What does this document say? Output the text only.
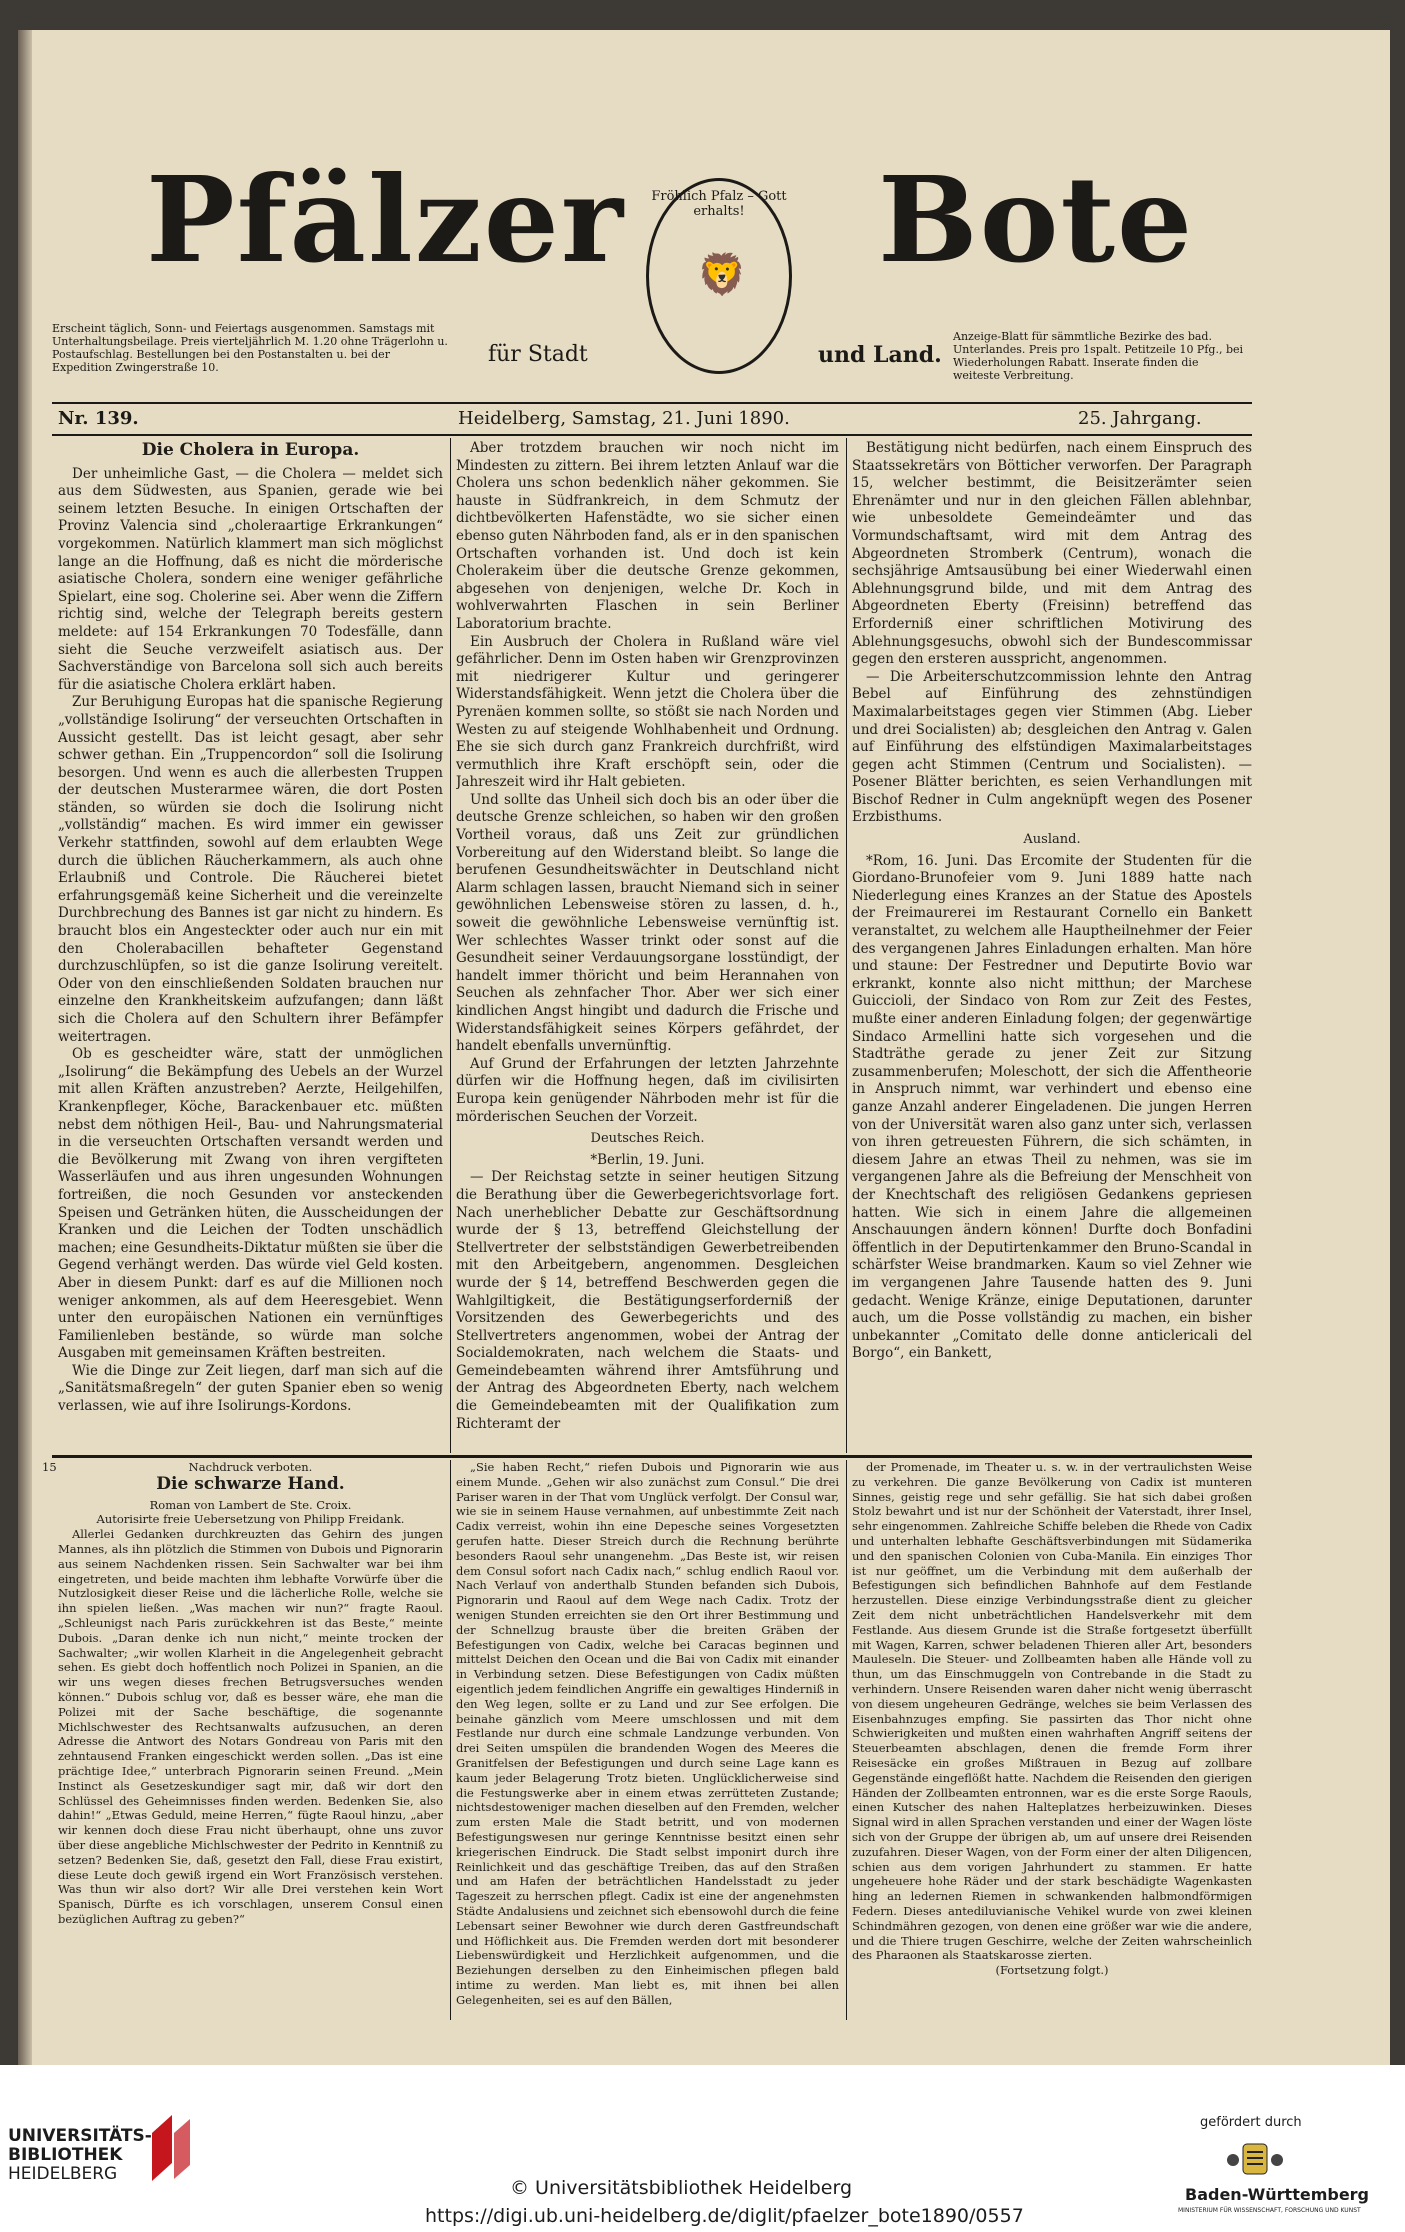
Pfälzer Bote
Fröhlich Pfalz – Gott erhalts!
🦁
Erscheint täglich, Sonn- und Feiertags ausgenommen. Samstags mit Unterhaltungsbeilage. Preis vierteljährlich M. 1.20 ohne Trägerlohn u. Postaufschlag. Bestellungen bei den Postanstalten u. bei der Expedition Zwingerstraße 10.
für Stadt	und Land.
Anzeige-Blatt für sämmtliche Bezirke des bad. Unterlandes. Preis pro 1spalt. Petitzeile 10 Pfg., bei Wiederholungen Rabatt. Inserate finden die weiteste Verbreitung.
Nr. 139.	Heidelberg, Samstag, 21. Juni 1890.	25. Jahrgang.
Die Cholera in Europa.

Der unheimliche Gast, — die Cholera — meldet sich aus dem Südwesten, aus Spanien, gerade wie bei seinem letzten Besuche. In einigen Ortschaften der Provinz Valencia sind „choleraartige Erkrankungen“ vorgekommen. Natürlich klammert man sich möglichst lange an die Hoffnung, daß es nicht die mörderische asiatische Cholera, sondern eine weniger gefährliche Spielart, eine sog. Cholerine sei. Aber wenn die Ziffern richtig sind, welche der Telegraph bereits gestern meldete: auf 154 Erkrankungen 70 Todesfälle, dann sieht die Seuche verzweifelt asiatisch aus. Der Sachverständige von Barcelona soll sich auch bereits für die asiatische Cholera erklärt haben.

Zur Beruhigung Europas hat die spanische Regierung „vollständige Isolirung“ der verseuchten Ortschaften in Aussicht gestellt. Das ist leicht gesagt, aber sehr schwer gethan. Ein „Truppencordon“ soll die Isolirung besorgen. Und wenn es auch die allerbesten Truppen der deutschen Musterarmee wären, die dort Posten ständen, so würden sie doch die Isolirung nicht „vollständig“ machen. Es wird immer ein gewisser Verkehr stattfinden, sowohl auf dem erlaubten Wege durch die üblichen Räucherkammern, als auch ohne Erlaubniß und Controle. Die Räucherei bietet erfahrungsgemäß keine Sicherheit und die vereinzelte Durchbrechung des Bannes ist gar nicht zu hindern. Es braucht blos ein Angesteckter oder auch nur ein mit den Cholerabacillen behafteter Gegenstand durchzuschlüpfen, so ist die ganze Isolirung vereitelt. Oder von den einschließenden Soldaten brauchen nur einzelne den Krankheitskeim aufzufangen; dann läßt sich die Cholera auf den Schultern ihrer Befämpfer weitertragen.

Ob es gescheidter wäre, statt der unmöglichen „Isolirung“ die Bekämpfung des Uebels an der Wurzel mit allen Kräften anzustreben? Aerzte, Heilgehilfen, Krankenpfleger, Köche, Barackenbauer etc. müßten nebst dem nöthigen Heil-, Bau- und Nahrungsmaterial in die verseuchten Ortschaften versandt werden und die Bevölkerung mit Zwang von ihren vergifteten Wasserläufen und aus ihren ungesunden Wohnungen fortreißen, die noch Gesunden vor ansteckenden Speisen und Getränken hüten, die Ausscheidungen der Kranken und die Leichen der Todten unschädlich machen; eine Gesundheits-Diktatur müßten sie über die Gegend verhängt werden. Das würde viel Geld kosten. Aber in diesem Punkt: darf es auf die Millionen noch weniger ankommen, als auf dem Heeresgebiet. Wenn unter den europäischen Nationen ein vernünftiges Familienleben bestände, so würde man solche Ausgaben mit gemeinsamen Kräften bestreiten.

Wie die Dinge zur Zeit liegen, darf man sich auf die „Sanitätsmaßregeln“ der guten Spanier eben so wenig verlassen, wie auf ihre Isolirungs-Kordons.

Aber trotzdem brauchen wir noch nicht im Mindesten zu zittern. Bei ihrem letzten Anlauf war die Cholera uns schon bedenklich näher gekommen. Sie hauste in Südfrankreich, in dem Schmutz der dichtbevölkerten Hafenstädte, wo sie sicher einen ebenso guten Nährboden fand, als er in den spanischen Ortschaften vorhanden ist. Und doch ist kein Cholerakeim über die deutsche Grenze gekommen, abgesehen von denjenigen, welche Dr. Koch in wohlverwahrten Flaschen in sein Berliner Laboratorium brachte.

Ein Ausbruch der Cholera in Rußland wäre viel gefährlicher. Denn im Osten haben wir Grenzprovinzen mit niedrigerer Kultur und geringerer Widerstandsfähigkeit. Wenn jetzt die Cholera über die Pyrenäen kommen sollte, so stößt sie nach Norden und Westen zu auf steigende Wohlhabenheit und Ordnung. Ehe sie sich durch ganz Frankreich durchfrißt, wird vermuthlich ihre Kraft erschöpft sein, oder die Jahreszeit wird ihr Halt gebieten.

Und sollte das Unheil sich doch bis an oder über die deutsche Grenze schleichen, so haben wir den großen Vortheil voraus, daß uns Zeit zur gründlichen Vorbereitung auf den Widerstand bleibt. So lange die berufenen Gesundheitswächter in Deutschland nicht Alarm schlagen lassen, braucht Niemand sich in seiner gewöhnlichen Lebensweise stören zu lassen, d. h., soweit die gewöhnliche Lebensweise vernünftig ist. Wer schlechtes Wasser trinkt oder sonst auf die Gesundheit seiner Verdauungsorgane losstündigt, der handelt immer thöricht und beim Herannahen von Seuchen als zehnfacher Thor. Aber wer sich einer kindlichen Angst hingibt und dadurch die Frische und Widerstandsfähigkeit seines Körpers gefährdet, der handelt ebenfalls unvernünftig.

Auf Grund der Erfahrungen der letzten Jahrzehnte dürfen wir die Hoffnung hegen, daß im civilisirten Europa kein genügender Nährboden mehr ist für die mörderischen Seuchen der Vorzeit.

Deutsches Reich.

*Berlin, 19. Juni.

— Der Reichstag setzte in seiner heutigen Sitzung die Berathung über die Gewerbegerichtsvorlage fort. Nach unerheblicher Debatte zur Geschäftsordnung wurde der § 13, betreffend Gleichstellung der Stellvertreter der selbstständigen Gewerbetreibenden mit den Arbeitgebern, angenommen. Desgleichen wurde der § 14, betreffend Beschwerden gegen die Wahlgiltigkeit, die Bestätigungserforderniß der Vorsitzenden des Gewerbegerichts und des Stellvertreters angenommen, wobei der Antrag der Socialdemokraten, nach welchem die Staats- und Gemeindebeamten während ihrer Amtsführung und der Antrag des Abgeordneten Eberty, nach welchem die Gemeindebeamten mit der Qualifikation zum Richteramt der

Bestätigung nicht bedürfen, nach einem Einspruch des Staatssekretärs von Bötticher verworfen. Der Paragraph 15, welcher bestimmt, die Beisitzerämter seien Ehrenämter und nur in den gleichen Fällen ablehnbar, wie unbesoldete Gemeindeämter und das Vormundschaftsamt, wird mit dem Antrag des Abgeordneten Stromberk (Centrum), wonach die sechsjährige Amtsausübung bei einer Wiederwahl einen Ablehnungsgrund bilde, und mit dem Antrag des Abgeordneten Eberty (Freisinn) betreffend das Erforderniß einer schriftlichen Motivirung des Ablehnungsgesuchs, obwohl sich der Bundescommissar gegen den ersteren ausspricht, angenommen.

— Die Arbeiterschutzcommission lehnte den Antrag Bebel auf Einführung des zehnstündigen Maximalarbeitstages gegen vier Stimmen (Abg. Lieber und drei Socialisten) ab; desgleichen den Antrag v. Galen auf Einführung des elfstündigen Maximalarbeitstages gegen acht Stimmen (Centrum und Socialisten). — Posener Blätter berichten, es seien Verhandlungen mit Bischof Redner in Culm angeknüpft wegen des Posener Erzbisthums.

Ausland.

*Rom, 16. Juni. Das Ercomite der Studenten für die Giordano-Brunofeier vom 9. Juni 1889 hatte nach Niederlegung eines Kranzes an der Statue des Apostels der Freimaurerei im Restaurant Cornello ein Bankett veranstaltet, zu welchem alle Hauptheilnehmer der Feier des vergangenen Jahres Einladungen erhalten. Man höre und staune: Der Festredner und Deputirte Bovio war erkrankt, konnte also nicht mitthun; der Marchese Guiccioli, der Sindaco von Rom zur Zeit des Festes, mußte einer anderen Einladung folgen; der gegenwärtige Sindaco Armellini hatte sich vorgesehen und die Stadträthe gerade zu jener Zeit zur Sitzung zusammenberufen; Moleschott, der sich die Affentheorie in Anspruch nimmt, war verhindert und ebenso eine ganze Anzahl anderer Eingeladenen. Die jungen Herren von der Universität waren also ganz unter sich, verlassen von ihren getreuesten Führern, die sich schämten, in diesem Jahre an etwas Theil zu nehmen, was sie im vergangenen Jahre als die Befreiung der Menschheit von der Knechtschaft des religiösen Gedankens gepriesen hatten. Wie sich in einem Jahre die allgemeinen Anschauungen ändern können! Durfte doch Bonfadini öffentlich in der Deputirtenkammer den Bruno-Scandal in schärfster Weise brandmarken. Kaum so viel Zehner wie im vergangenen Jahre Tausende hatten des 9. Juni gedacht. Wenige Kränze, einige Deputationen, darunter auch, um die Posse vollständig zu machen, ein bisher unbekannter „Comitato delle donne anticlericali del Borgo“, ein Bankett,

15	Nachdruck verboten.

Die schwarze Hand.

Roman von Lambert de Ste. Croix.

Autorisirte freie Uebersetzung von Philipp Freidank.

Allerlei Gedanken durchkreuzten das Gehirn des jungen Mannes, als ihn plötzlich die Stimmen von Dubois und Pignorarin aus seinem Nachdenken rissen. Sein Sachwalter war bei ihm eingetreten, und beide machten ihm lebhafte Vorwürfe über die Nutzlosigkeit dieser Reise und die lächerliche Rolle, welche sie ihn spielen ließen. „Was machen wir nun?“ fragte Raoul. „Schleunigst nach Paris zurückkehren ist das Beste,“ meinte Dubois. „Daran denke ich nun nicht,“ meinte trocken der Sachwalter; „wir wollen Klarheit in die Angelegenheit gebracht sehen. Es giebt doch hoffentlich noch Polizei in Spanien, an die wir uns wegen dieses frechen Betrugsversuches wenden können.“ Dubois schlug vor, daß es besser wäre, ehe man die Polizei mit der Sache beschäftige, die sogenannte Michlschwester des Rechtsanwalts aufzusuchen, an deren Adresse die Antwort des Notars Gondreau von Paris mit den zehntausend Franken eingeschickt werden sollen. „Das ist eine prächtige Idee,“ unterbrach Pignorarin seinen Freund. „Mein Instinct als Gesetzeskundiger sagt mir, daß wir dort den Schlüssel des Geheimnisses finden werden. Bedenken Sie, also dahin!“ „Etwas Geduld, meine Herren,“ fügte Raoul hinzu, „aber wir kennen doch diese Frau nicht überhaupt, ohne uns zuvor über diese angebliche Michlschwester der Pedrito in Kenntniß zu setzen? Bedenken Sie, daß, gesetzt den Fall, diese Frau existirt, diese Leute doch gewiß irgend ein Wort Französisch verstehen. Was thun wir also dort? Wir alle Drei verstehen kein Wort Spanisch, Dürfte es ich vorschlagen, unserem Consul einen bezüglichen Auftrag zu geben?“

„Sie haben Recht,“ riefen Dubois und Pignorarin wie aus einem Munde. „Gehen wir also zunächst zum Consul.“ Die drei Pariser waren in der That vom Unglück verfolgt. Der Consul war, wie sie in seinem Hause vernahmen, auf unbestimmte Zeit nach Cadix verreist, wohin ihn eine Depesche seines Vorgesetzten gerufen hatte. Dieser Streich durch die Rechnung berührte besonders Raoul sehr unangenehm. „Das Beste ist, wir reisen dem Consul sofort nach Cadix nach,“ schlug endlich Raoul vor. Nach Verlauf von anderthalb Stunden befanden sich Dubois, Pignorarin und Raoul auf dem Wege nach Cadix. Trotz der wenigen Stunden erreichten sie den Ort ihrer Bestimmung und der Schnellzug brauste über die breiten Gräben der Befestigungen von Cadix, welche bei Caracas beginnen und mittelst Deichen den Ocean und die Bai von Cadix mit einander in Verbindung setzen. Diese Befestigungen von Cadix müßten eigentlich jedem feindlichen Angriffe ein gewaltiges Hinderniß in den Weg legen, sollte er zu Land und zur See erfolgen. Die beinahe gänzlich vom Meere umschlossen und mit dem Festlande nur durch eine schmale Landzunge verbunden. Von drei Seiten umspülen die brandenden Wogen des Meeres die Granitfelsen der Befestigungen und durch seine Lage kann es kaum jeder Belagerung Trotz bieten. Unglücklicherweise sind die Festungswerke aber in einem etwas zerrütteten Zustande; nichtsdestoweniger machen dieselben auf den Fremden, welcher zum ersten Male die Stadt betritt, und von modernen Befestigungswesen nur geringe Kenntnisse besitzt einen sehr kriegerischen Eindruck. Die Stadt selbst imponirt durch ihre Reinlichkeit und das geschäftige Treiben, das auf den Straßen und am Hafen der beträchtlichen Handelsstadt zu jeder Tageszeit zu herrschen pflegt. Cadix ist eine der angenehmsten Städte Andalusiens und zeichnet sich ebensowohl durch die feine Lebensart seiner Bewohner wie durch deren Gastfreundschaft und Höflichkeit aus. Die Fremden werden dort mit besonderer Liebenswürdigkeit und Herzlichkeit aufgenommen, und die Beziehungen derselben zu den Einheimischen pflegen bald intime zu werden. Man liebt es, mit ihnen bei allen Gelegenheiten, sei es auf den Bällen,

der Promenade, im Theater u. s. w. in der vertraulichsten Weise zu verkehren. Die ganze Bevölkerung von Cadix ist munteren Sinnes, geistig rege und sehr gefällig. Sie hat sich dabei großen Stolz bewahrt und ist nur der Schönheit der Vaterstadt, ihrer Insel, sehr eingenommen. Zahlreiche Schiffe beleben die Rhede von Cadix und unterhalten lebhafte Geschäftsverbindungen mit Südamerika und den spanischen Colonien von Cuba-Manila. Ein einziges Thor ist nur geöffnet, um die Verbindung mit dem außerhalb der Befestigungen sich befindlichen Bahnhofe auf dem Festlande herzustellen. Diese einzige Verbindungsstraße dient zu gleicher Zeit dem nicht unbeträchtlichen Handelsverkehr mit dem Festlande. Aus diesem Grunde ist die Straße fortgesetzt überfüllt mit Wagen, Karren, schwer beladenen Thieren aller Art, besonders Mauleseln. Die Steuer- und Zollbeamten haben alle Hände voll zu thun, um das Einschmuggeln von Contrebande in die Stadt zu verhindern. Unsere Reisenden waren daher nicht wenig überrascht von diesem ungeheuren Gedränge, welches sie beim Verlassen des Eisenbahnzuges empfing. Sie passirten das Thor nicht ohne Schwierigkeiten und mußten einen wahrhaften Angriff seitens der Steuerbeamten abschlagen, denen die fremde Form ihrer Reisesäcke ein großes Mißtrauen in Bezug auf zollbare Gegenstände eingeflößt hatte. Nachdem die Reisenden den gierigen Händen der Zollbeamten entronnen, war es die erste Sorge Raouls, einen Kutscher des nahen Halteplatzes herbeizuwinken. Dieses Signal wird in allen Sprachen verstanden und einer der Wagen löste sich von der Gruppe der übrigen ab, um auf unsere drei Reisenden zuzufahren. Dieser Wagen, von der Form einer der alten Diligencen, schien aus dem vorigen Jahrhundert zu stammen. Er hatte ungeheuere hohe Räder und der stark beschädigte Wagenkasten hing an ledernen Riemen in schwankenden halbmondförmigen Federn. Dieses antediluvianische Vehikel wurde von zwei kleinen Schindmähren gezogen, von denen eine größer war wie die andere, und die Thiere trugen Geschirre, welche der Zeiten wahrscheinlich des Pharaonen als Staatskarosse zierten.

(Fortsetzung folgt.)

UNIVERSITÄTS-
BIBLIOTHEK
HEIDELBERG
© Universitätsbibliothek Heidelberg
https://digi.ub.uni-heidelberg.de/diglit/pfaelzer_bote1890/0557
gefördert durch
Baden-Württemberg
MINISTERIUM FÜR WISSENSCHAFT, FORSCHUNG UND KUNST
